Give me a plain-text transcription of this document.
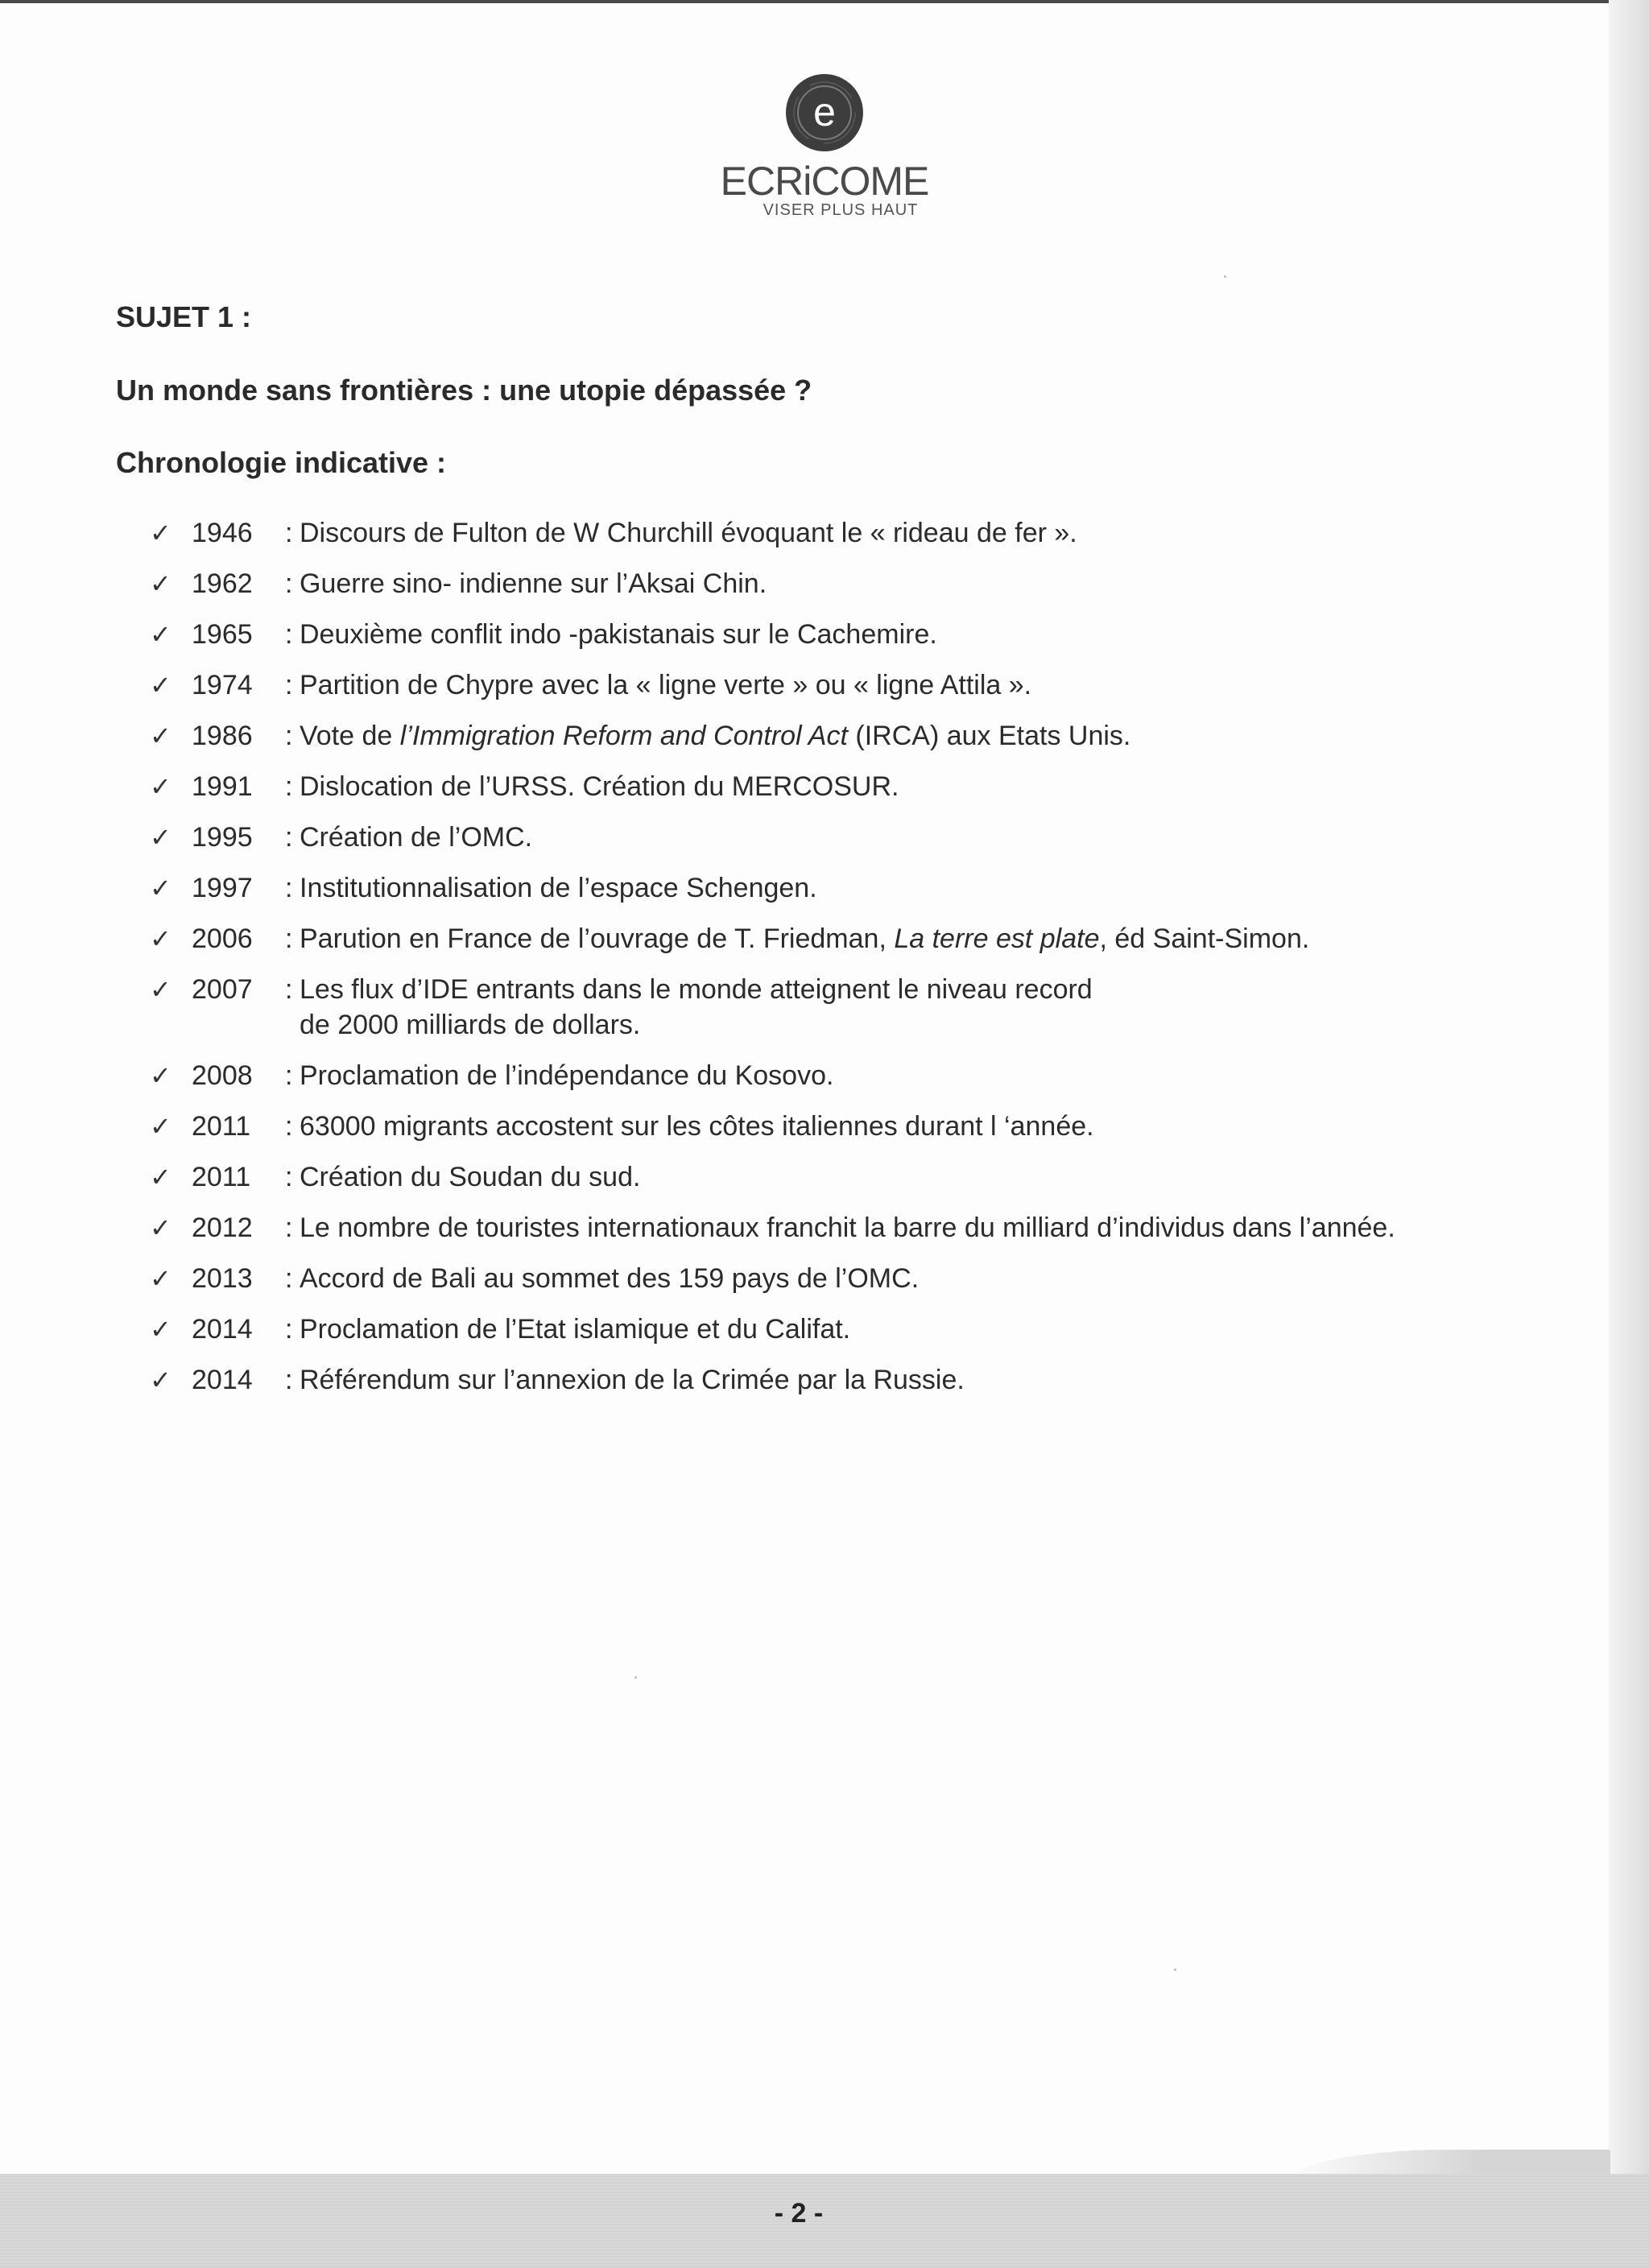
e
ECRiCOME
VISER PLUS HAUT
SUJET 1 :
Un monde sans frontières : une utopie dépassée ?
Chronologie indicative :
✓ 1946	: Discours de Fulton de W Churchill évoquant le « rideau de fer ».
✓ 1962	: Guerre sino- indienne sur l’Aksai Chin.
✓ 1965	: Deuxième conflit indo -pakistanais sur le Cachemire.
✓ 1974	: Partition de Chypre avec la « ligne verte » ou « ligne Attila ».
✓ 1986	: Vote de l’Immigration Reform and Control Act (IRCA) aux Etats Unis.
✓ 1991	: Dislocation de l’URSS. Création du MERCOSUR.
✓ 1995	: Création de l’OMC.
✓ 1997	: Institutionnalisation de l’espace Schengen.
✓ 2006	: Parution en France de l’ouvrage de T. Friedman, La terre est plate, éd Saint-Simon.
✓ 2007	: Les flux d’IDE entrants dans le monde atteignent le niveau record
de 2000 milliards de dollars.
✓ 2008	: Proclamation de l’indépendance du Kosovo.
✓ 2011	: 63000 migrants accostent sur les côtes italiennes durant l ‘année.
✓ 2011	: Création du Soudan du sud.
✓ 2012	: Le nombre de touristes internationaux franchit la barre du milliard d’individus dans l’année.
✓ 2013	: Accord de Bali au sommet des 159 pays de l’OMC.
✓ 2014	: Proclamation de l’Etat islamique et du Califat.
✓ 2014	: Référendum sur l’annexion de la Crimée par la Russie.
- 2 -
